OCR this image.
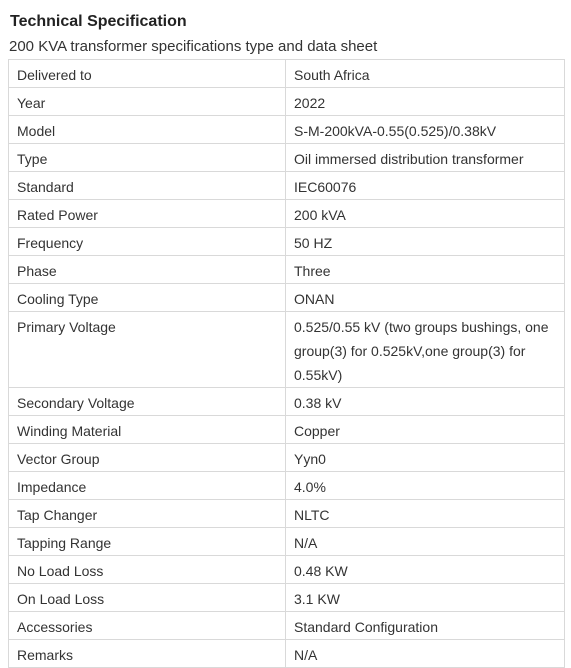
Technical Specification

200 KVA transformer specifications type and data sheet

Delivered to	South Africa
Year	2022
Model	S-M-200kVA-0.55(0.525)/0.38kV
Type	Oil immersed distribution transformer
Standard	IEC60076
Rated Power	200 kVA
Frequency	50 HZ
Phase	Three
Cooling Type	ONAN
Primary Voltage	0.525/0.55 kV (two groups bushings, one group(3) for 0.525kV,one group(3) for 0.55kV)
Secondary Voltage	0.38 kV
Winding Material	Copper
Vector Group	Yyn0
Impedance	4.0%
Tap Changer	NLTC
Tapping Range	N/A
No Load Loss	0.48 KW
On Load Loss	3.1 KW
Accessories	Standard Configuration
Remarks	N/A
